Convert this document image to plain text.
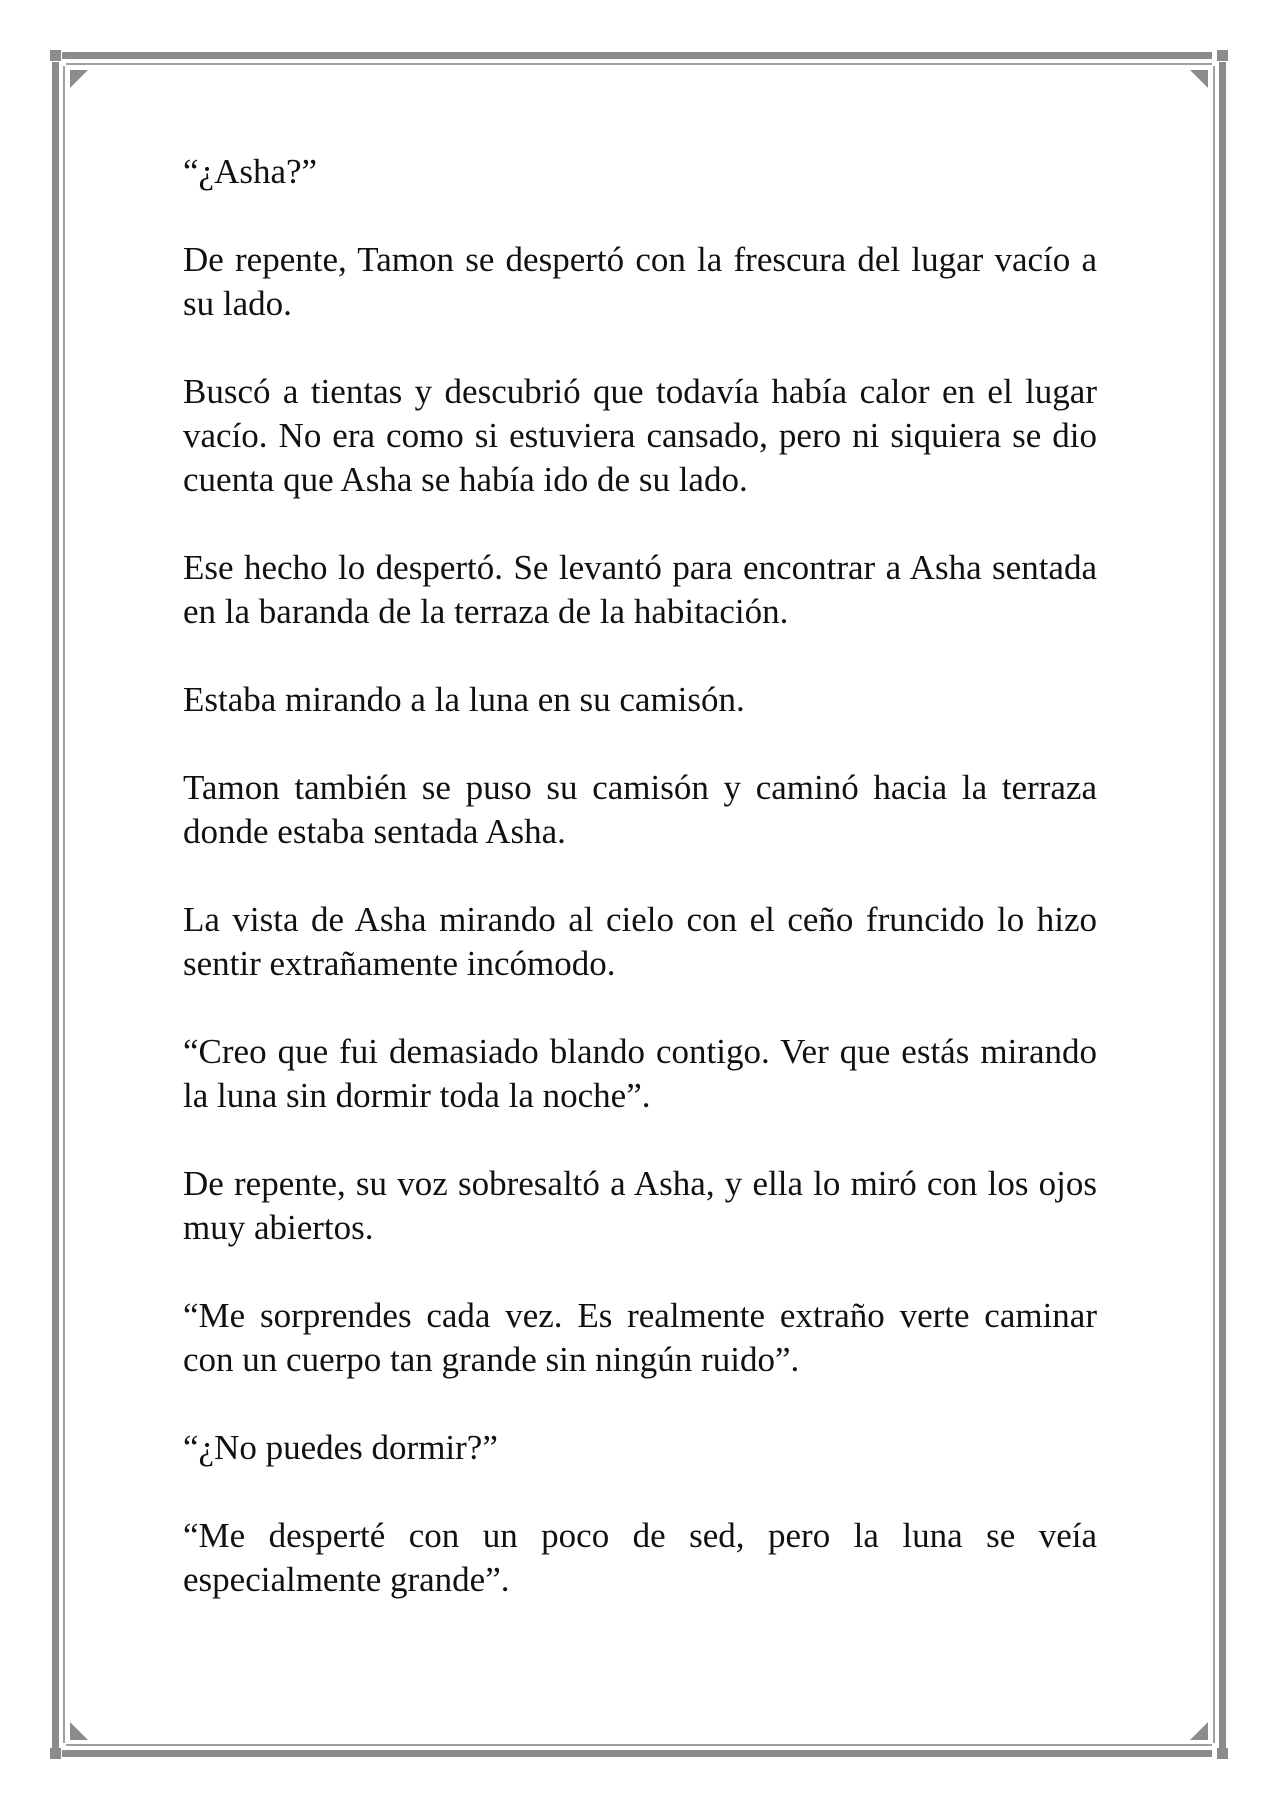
“¿Asha?”

De repente, Tamon se despertó con la frescura del lugar vacío a su lado.

Buscó a tientas y descubrió que todavía había calor en el lugar vacío. No era como si estuviera cansado, pero ni siquiera se dio cuenta que Asha se había ido de su lado.

Ese hecho lo despertó. Se levantó para encontrar a Asha sentada en la baranda de la terraza de la habitación.

Estaba mirando a la luna en su camisón.

Tamon también se puso su camisón y caminó hacia la terraza donde estaba sentada Asha.

La vista de Asha mirando al cielo con el ceño fruncido lo hizo sentir extrañamente incómodo.

“Creo que fui demasiado blando contigo. Ver que estás mirando la luna sin dormir toda la noche”.

De repente, su voz sobresaltó a Asha, y ella lo miró con los ojos muy abiertos.

“Me sorprendes cada vez. Es realmente extraño verte caminar con un cuerpo tan grande sin ningún ruido”.

“¿No puedes dormir?”

“Me desperté con un poco de sed, pero la luna se veía especialmente grande”.
